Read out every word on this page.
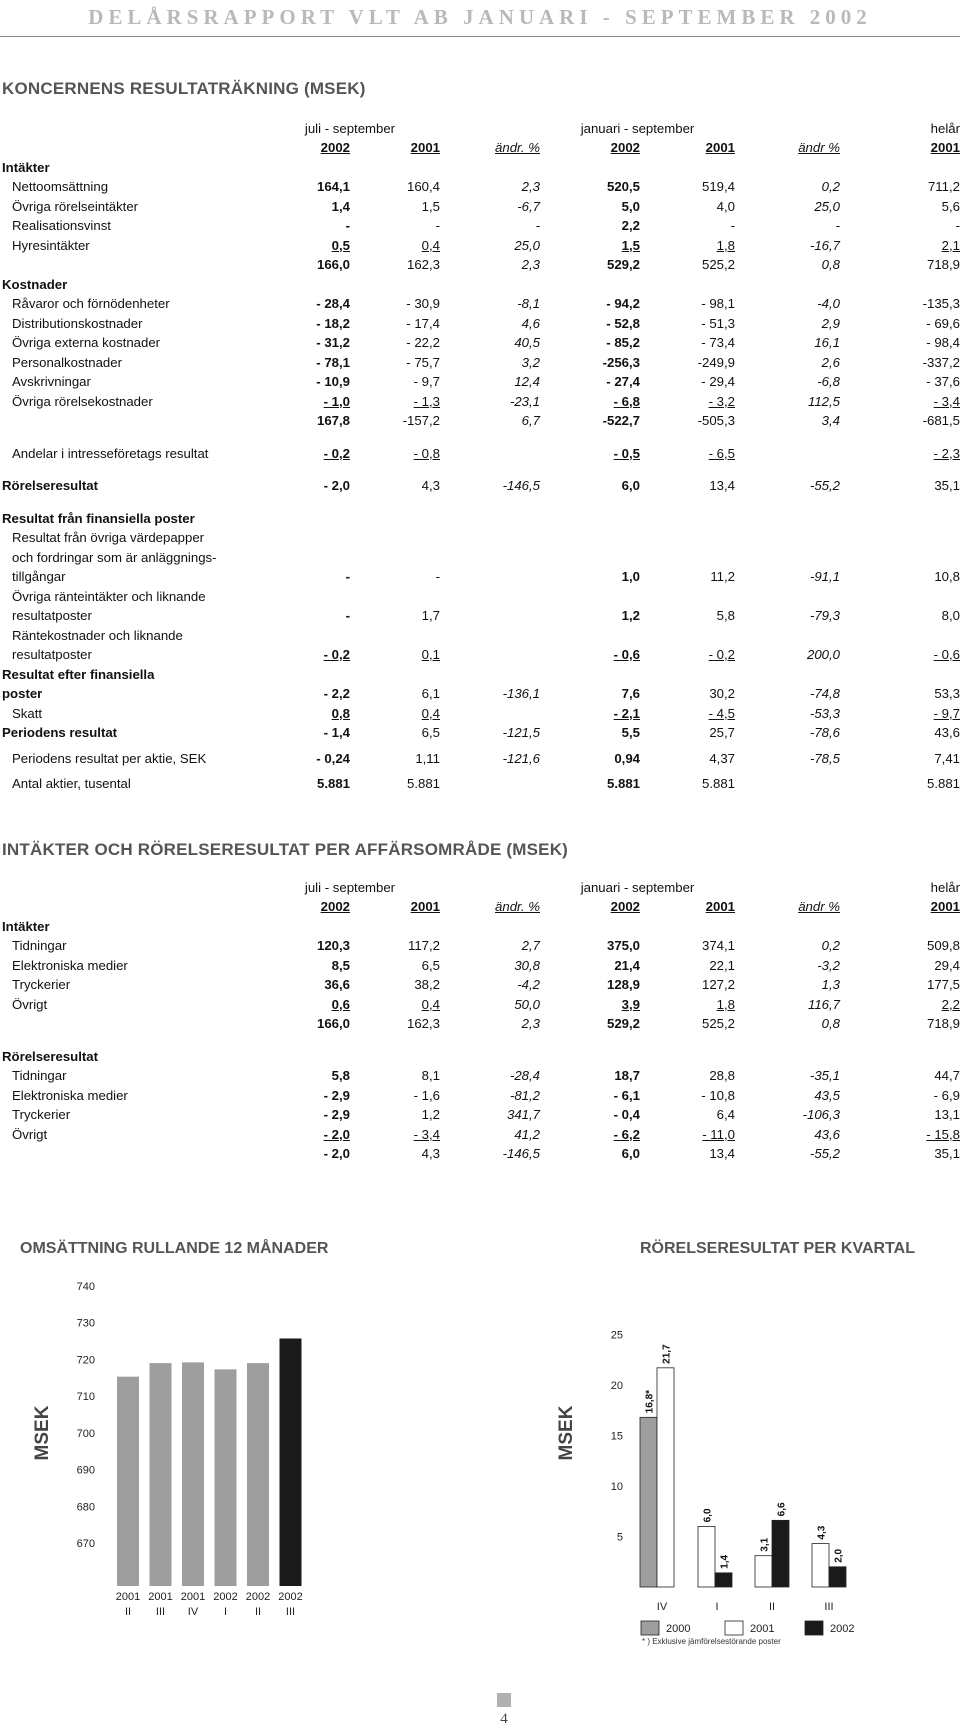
DELÅRSRAPPORT VLT AB JANUARI - SEPTEMBER 2002
KONCERNENS RESULTATRÄKNING (MSEK)
	juli - september			januari - september			helår
	2002	2001	ändr. %	2002	2001	ändr %	2001
Intäkter							
Nettoomsättning	164,1	160,4	2,3	520,5	519,4	0,2	711,2
Övriga rörelseintäkter	1,4	1,5	-6,7	5,0	4,0	25,0	5,6
Realisationsvinst	-	-	-	2,2	-	-	-
Hyresintäkter	0,5	0,4	25,0	1,5	1,8	-16,7	2,1
	166,0	162,3	2,3	529,2	525,2	0,8	718,9
Kostnader							
Råvaror och förnödenheter	- 28,4	- 30,9	-8,1	- 94,2	- 98,1	-4,0	-135,3
Distributionskostnader	- 18,2	- 17,4	4,6	- 52,8	- 51,3	2,9	- 69,6
Övriga externa kostnader	- 31,2	- 22,2	40,5	- 85,2	- 73,4	16,1	- 98,4
Personalkostnader	- 78,1	- 75,7	3,2	-256,3	-249,9	2,6	-337,2
Avskrivningar	- 10,9	- 9,7	12,4	- 27,4	- 29,4	-6,8	- 37,6
Övriga rörelsekostnader	- 1,0	- 1,3	-23,1	- 6,8	- 3,2	112,5	- 3,4
	167,8	-157,2	6,7	-522,7	-505,3	3,4	-681,5

Andelar i intresseföretags resultat	- 0,2	- 0,8		- 0,5	- 6,5		- 2,3

Rörelseresultat	- 2,0	4,3	-146,5	6,0	13,4	-55,2	35,1

Resultat från finansiella poster							
Resultat från övriga värdepapper							
och fordringar som är anläggnings-							
tillgångar	-	-		1,0	11,2	-91,1	10,8
Övriga ränteintäkter och liknande							
resultatposter	-	1,7		1,2	5,8	-79,3	8,0
Räntekostnader och liknande							
resultatposter	- 0,2	0,1		- 0,6	- 0,2	200,0	- 0,6
Resultat efter finansiella							
poster	- 2,2	6,1	-136,1	7,6	30,2	-74,8	53,3
Skatt	0,8	0,4		- 2,1	- 4,5	-53,3	- 9,7
Periodens resultat	- 1,4	6,5	-121,5	5,5	25,7	-78,6	43,6

Periodens resultat per aktie, SEK	- 0,24	1,11	-121,6	0,94	4,37	-78,5	7,41

Antal aktier, tusental	5.881	5.881		5.881	5.881		5.881
INTÄKTER OCH RÖRELSERESULTAT PER AFFÄRSOMRÅDE (MSEK)
	juli - september			januari - september			helår
	2002	2001	ändr. %	2002	2001	ändr %	2001
Intäkter							
Tidningar	120,3	117,2	2,7	375,0	374,1	0,2	509,8
Elektroniska medier	8,5	6,5	30,8	21,4	22,1	-3,2	29,4
Tryckerier	36,6	38,2	-4,2	128,9	127,2	1,3	177,5
Övrigt	0,6	0,4	50,0	3,9	1,8	116,7	2,2
	166,0	162,3	2,3	529,2	525,2	0,8	718,9

Rörelseresultat							
Tidningar	5,8	8,1	-28,4	18,7	28,8	-35,1	44,7
Elektroniska medier	- 2,9	- 1,6	-81,2	- 6,1	- 10,8	43,5	- 6,9
Tryckerier	- 2,9	1,2	341,7	- 0,4	6,4	-106,3	13,1
Övrigt	- 2,0	- 3,4	41,2	- 6,2	- 11,0	43,6	- 15,8
	- 2,0	4,3	-146,5	6,0	13,4	-55,2	35,1
OMSÄTTNING RULLANDE 12 MÅNADER
740
730
720
710
700
690
680
670
MSEK
2001
II
2001
III
2001
IV
2002
I
2002
II
2002
III
RÖRELSERESULTAT PER KVARTAL
25
20
15
10
5
MSEK
16,8*
21,7
IV
6,0
1,4
I
3,1
6,6
II
4,3
2,0
III
2000	2001	2002
4
* ) Exklusive jämförelsestörande poster
